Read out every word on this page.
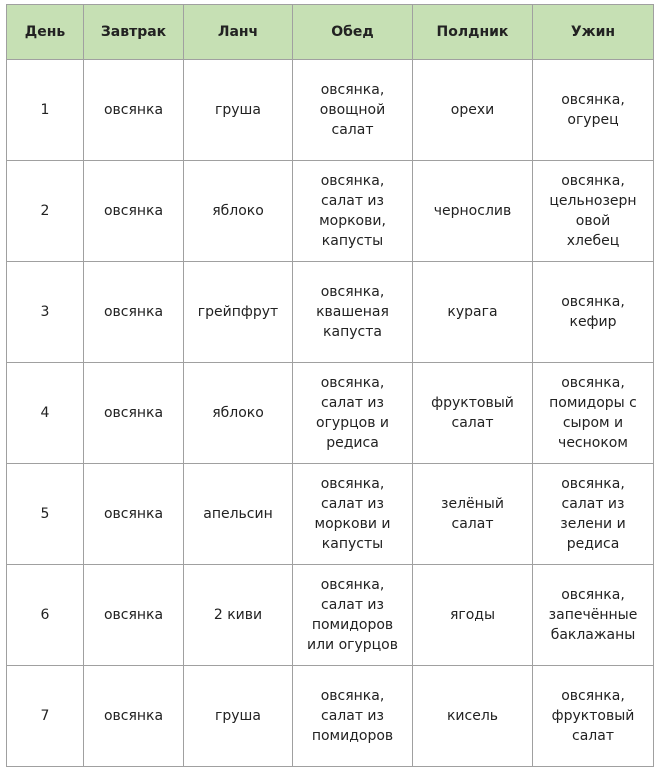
День	Завтрак	Ланч	Обед	Полдник	Ужин

1	овсянка	груша	овсянка,
овощной
салат	орехи	овсянка,
огурец

2	овсянка	яблоко	овсянка,
салат из
моркови,
капусты	чернослив	овсянка,
цельнозерн
овой
хлебец

3	овсянка	грейпфрут	овсянка,
квашеная
капуста	курага	овсянка,
кефир

4	овсянка	яблоко	овсянка,
салат из
огурцов и
редиса	фруктовый
салат	овсянка,
помидоры с
сыром и
чесноком

5	овсянка	апельсин	овсянка,
салат из
моркови и
капусты	зелёный
салат	овсянка,
салат из
зелени и
редиса

6	овсянка	2 киви	овсянка,
салат из
помидоров
или огурцов	ягоды	овсянка,
запечённые
баклажаны

7	овсянка	груша	овсянка,
салат из
помидоров	кисель	овсянка,
фруктовый
салат
